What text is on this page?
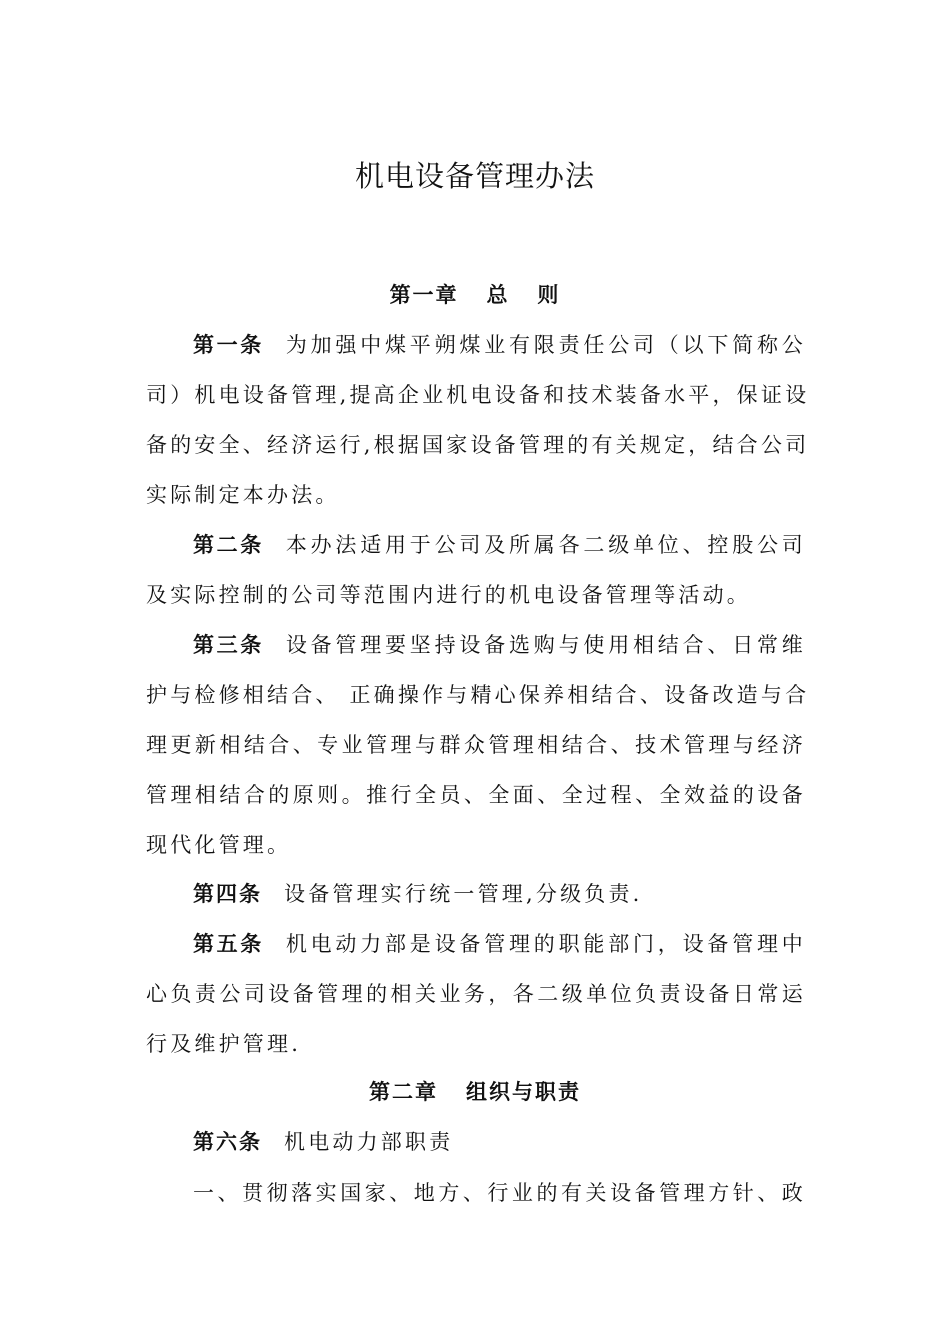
机电设备管理办法
第一章   总   则
第一条 为加强中煤平朔煤业有限责任公司（以下简称公
司）机电设备管理,提高企业机电设备和技术装备水平，保证设
备的安全、经济运行,根据国家设备管理的有关规定，结合公司
实际制定本办法。
第二条 本办法适用于公司及所属各二级单位、控股公司
及实际控制的公司等范围内进行的机电设备管理等活动。
第三条 设备管理要坚持设备选购与使用相结合、日常维
护与检修相结合、 正确操作与精心保养相结合、设备改造与合
理更新相结合、专业管理与群众管理相结合、技术管理与经济
管理相结合的原则。推行全员、全面、全过程、全效益的设备
现代化管理。
第四条 设备管理实行统一管理,分级负责.
第五条 机电动力部是设备管理的职能部门，设备管理中
心负责公司设备管理的相关业务，各二级单位负责设备日常运
行及维护管理.
第二章   组织与职责
第六条 机电动力部职责
一、贯彻落实国家、地方、行业的有关设备管理方针、政
